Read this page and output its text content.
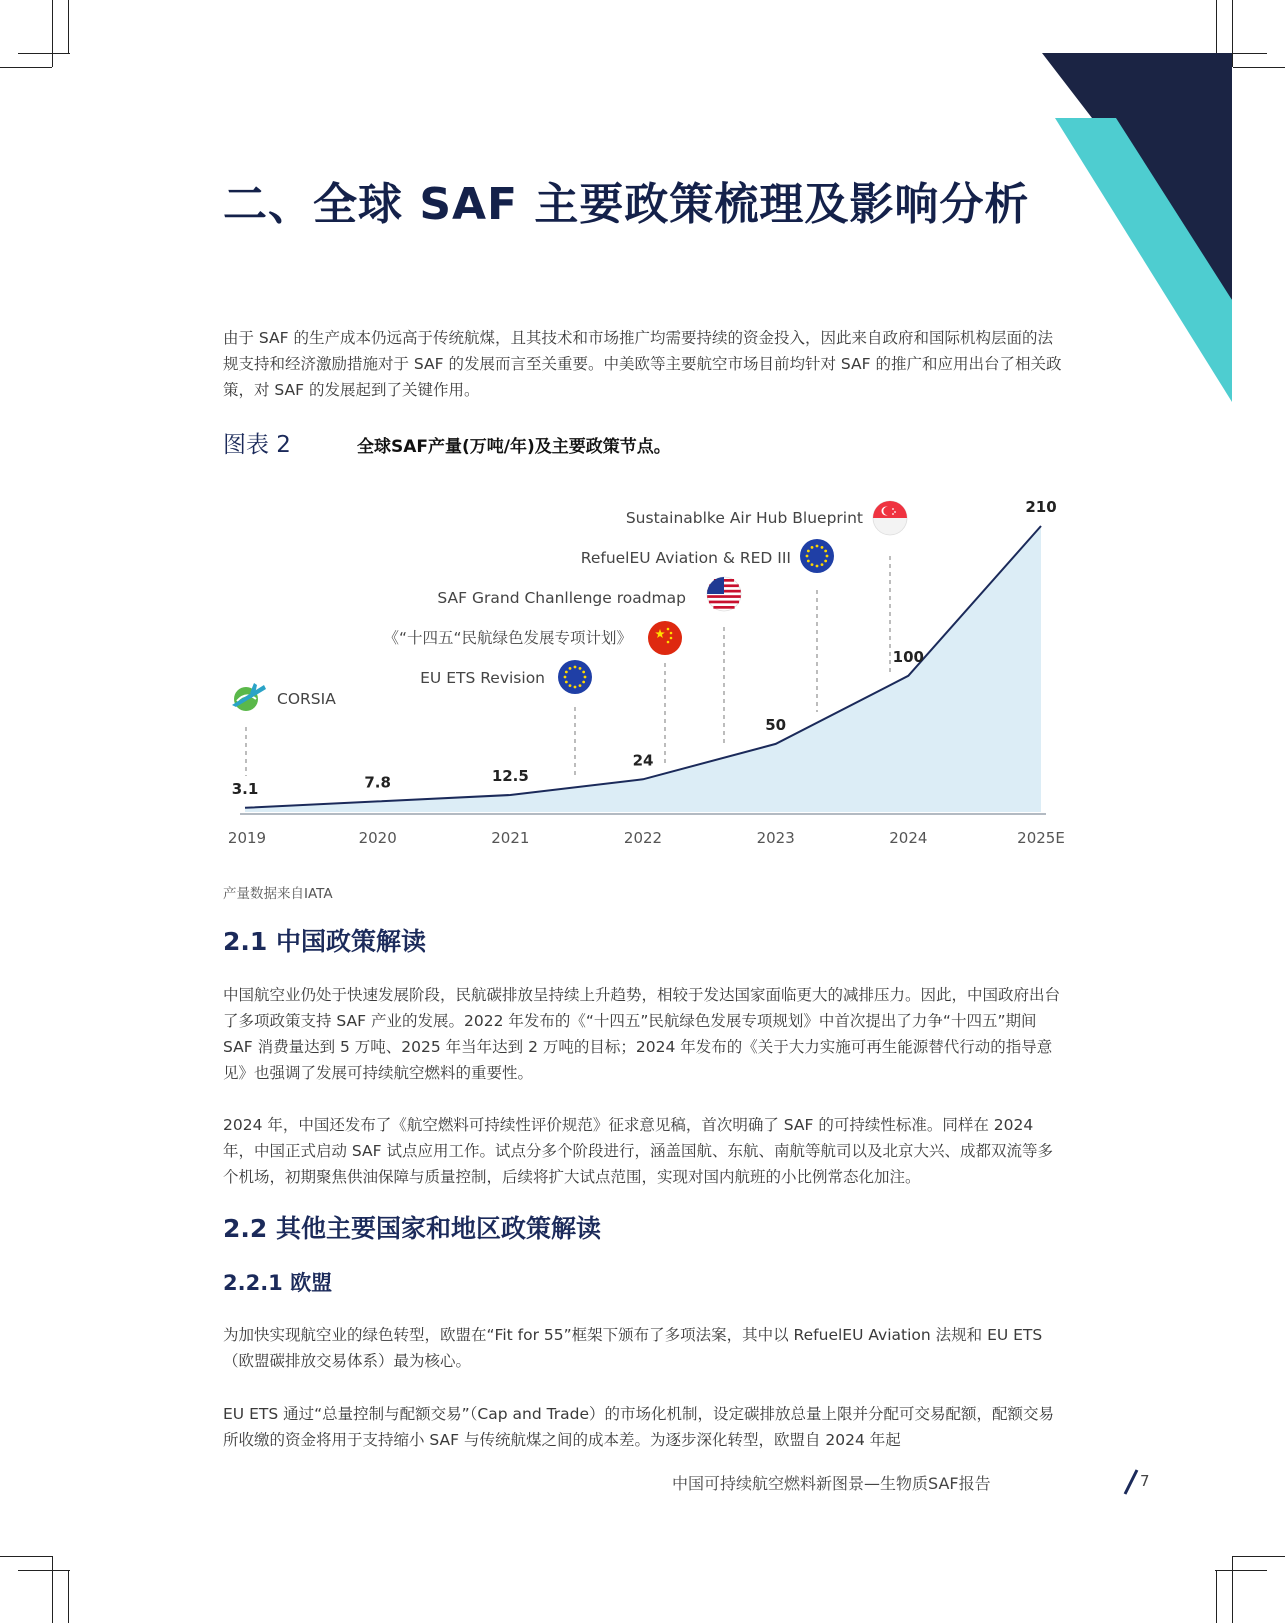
二、全球 SAF 主要政策梳理及影响分析

由于 SAF 的生产成本仍远高于传统航煤，且其技术和市场推广均需要持续的资金投入，因此来自政府和国际机构层面的法规支持和经济激励措施对于 SAF 的发展而言至关重要。中美欧等主要航空市场目前均针对 SAF 的推广和应用出台了相关政策，对 SAF 的发展起到了关键作用。

图表 2	全球SAF产量(万吨/年)及主要政策节点。
2019	2020	2021	2022	2023	2024	2025E
3.1	7.8	12.5
24
50
100
210
CORSIA
EU ETS Revision
《“十四五“民航绿色发展专项计划》
SAF Grand Chanllenge roadmap
RefuelEU Aviation & RED III
Sustainablke Air Hub Blueprint
产量数据来自IATA
2.1 中国政策解读

中国航空业仍处于快速发展阶段，民航碳排放呈持续上升趋势，相较于发达国家面临更大的减排压力。因此，中国政府出台了多项政策支持 SAF 产业的发展。2022 年发布的《“十四五”民航绿色发展专项规划》中首次提出了力争“十四五”期间 SAF 消费量达到 5 万吨、2025 年当年达到 2 万吨的目标；2024 年发布的《关于大力实施可再生能源替代行动的指导意见》也强调了发展可持续航空燃料的重要性。

2024 年，中国还发布了《航空燃料可持续性评价规范》征求意见稿，首次明确了 SAF 的可持续性标准。同样在 2024 年，中国正式启动 SAF 试点应用工作。试点分多个阶段进行，涵盖国航、东航、南航等航司以及北京大兴、成都双流等多个机场，初期聚焦供油保障与质量控制，后续将扩大试点范围，实现对国内航班的小比例常态化加注。

2.2 其他主要国家和地区政策解读
2.2.1 欧盟

为加快实现航空业的绿色转型，欧盟在“Fit for 55”框架下颁布了多项法案，其中以 RefuelEU Aviation 法规和 EU ETS （欧盟碳排放交易体系）最为核心。

EU ETS 通过“总量控制与配额交易”（Cap and Trade）的市场化机制，设定碳排放总量上限并分配可交易配额，配额交易所收缴的资金将用于支持缩小 SAF 与传统航煤之间的成本差。为逐步深化转型，欧盟自 2024 年起

中国可持续航空燃料新图景—生物质SAF报告	7
